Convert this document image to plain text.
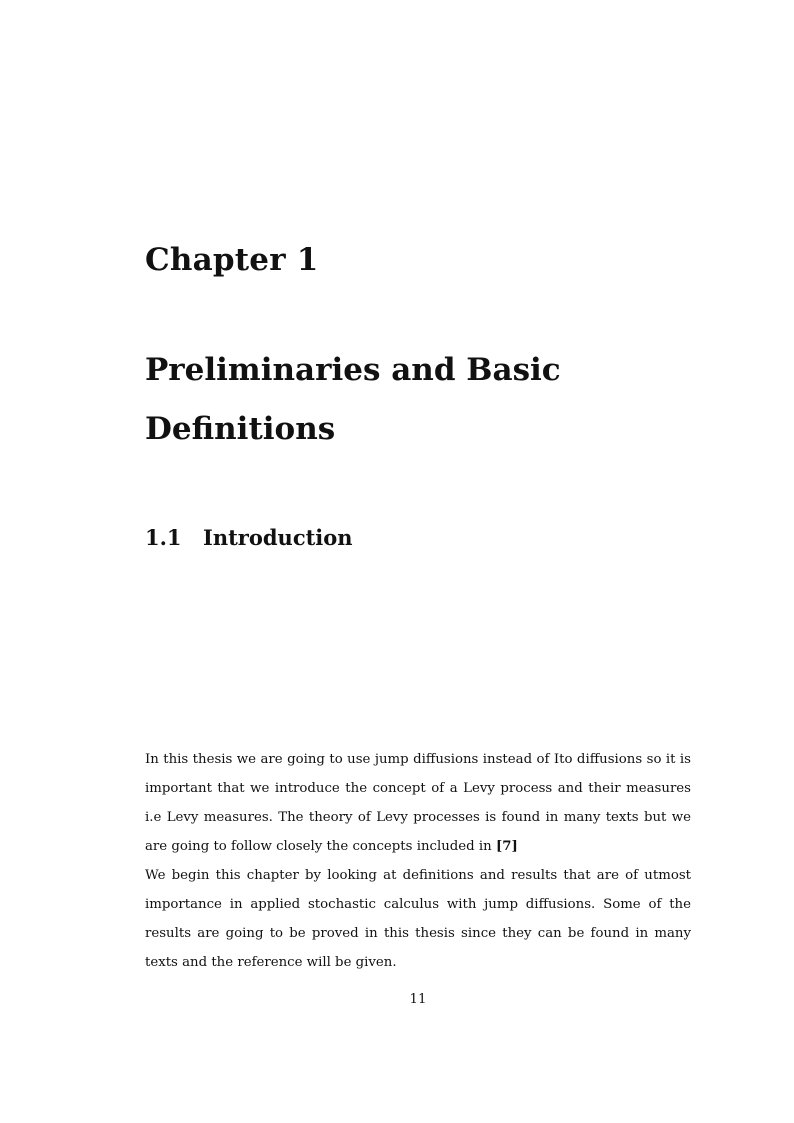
Chapter 1
Preliminaries and Basic
Definitions
1.1 Introduction

In this thesis we are going to use jump diffusions instead of Ito diffusions so it is important that we introduce the concept of a Levy process and their measures i.e Levy measures. The theory of Levy processes is found in many texts but we are going to follow closely the concepts included in [7]

We begin this chapter by looking at definitions and results that are of utmost importance in applied stochastic calculus with jump diffusions. Some of the results are going to be proved in this thesis since they can be found in many texts and the reference will be given.

11
